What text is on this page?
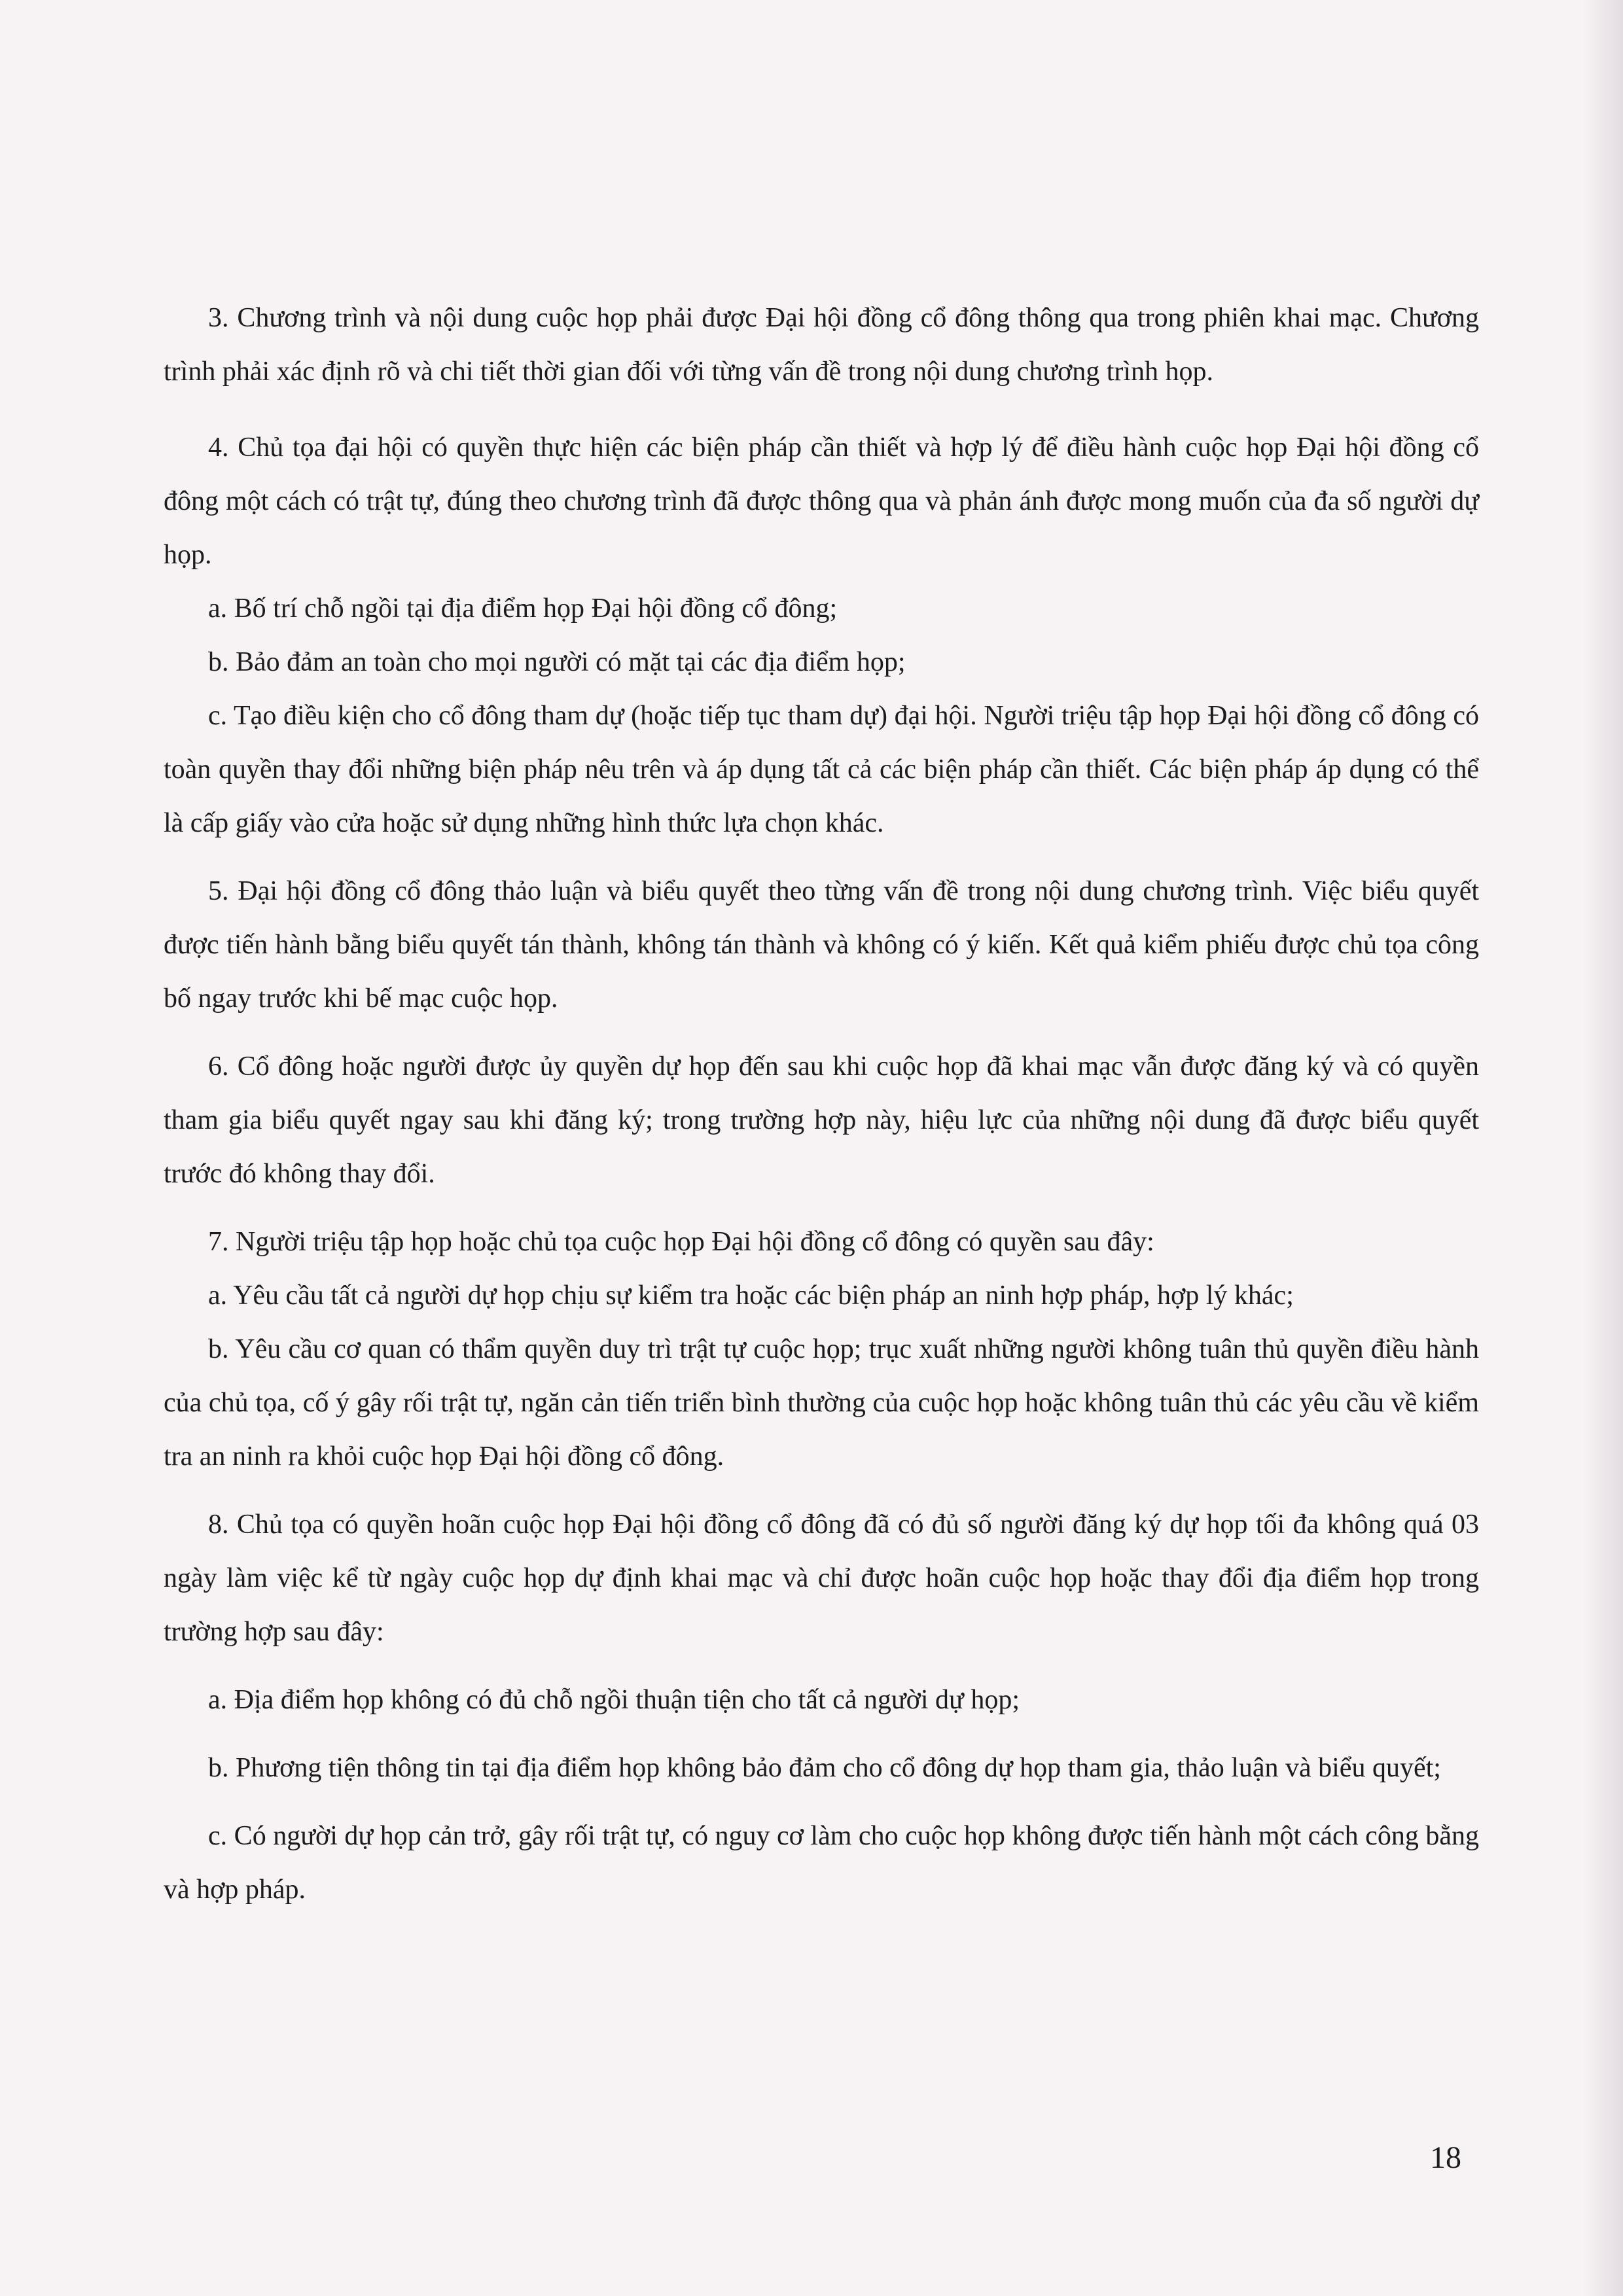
3. Chương trình và nội dung cuộc họp phải được Đại hội đồng cổ đông thông qua trong phiên khai mạc. Chương trình phải xác định rõ và chi tiết thời gian đối với từng vấn đề trong nội dung chương trình họp.

4. Chủ tọa đại hội có quyền thực hiện các biện pháp cần thiết và hợp lý để điều hành cuộc họp Đại hội đồng cổ đông một cách có trật tự, đúng theo chương trình đã được thông qua và phản ánh được mong muốn của đa số người dự họp.

a. Bố trí chỗ ngồi tại địa điểm họp Đại hội đồng cổ đông;

b. Bảo đảm an toàn cho mọi người có mặt tại các địa điểm họp;

c. Tạo điều kiện cho cổ đông tham dự (hoặc tiếp tục tham dự) đại hội. Người triệu tập họp Đại hội đồng cổ đông có toàn quyền thay đổi những biện pháp nêu trên và áp dụng tất cả các biện pháp cần thiết. Các biện pháp áp dụng có thể là cấp giấy vào cửa hoặc sử dụng những hình thức lựa chọn khác.

5. Đại hội đồng cổ đông thảo luận và biểu quyết theo từng vấn đề trong nội dung chương trình. Việc biểu quyết được tiến hành bằng biểu quyết tán thành, không tán thành và không có ý kiến. Kết quả kiểm phiếu được chủ tọa công bố ngay trước khi bế mạc cuộc họp.

6. Cổ đông hoặc người được ủy quyền dự họp đến sau khi cuộc họp đã khai mạc vẫn được đăng ký và có quyền tham gia biểu quyết ngay sau khi đăng ký; trong trường hợp này, hiệu lực của những nội dung đã được biểu quyết trước đó không thay đổi.

7. Người triệu tập họp hoặc chủ tọa cuộc họp Đại hội đồng cổ đông có quyền sau đây:

a. Yêu cầu tất cả người dự họp chịu sự kiểm tra hoặc các biện pháp an ninh hợp pháp, hợp lý khác;

b. Yêu cầu cơ quan có thẩm quyền duy trì trật tự cuộc họp; trục xuất những người không tuân thủ quyền điều hành của chủ tọa, cố ý gây rối trật tự, ngăn cản tiến triển bình thường của cuộc họp hoặc không tuân thủ các yêu cầu về kiểm tra an ninh ra khỏi cuộc họp Đại hội đồng cổ đông.

8. Chủ tọa có quyền hoãn cuộc họp Đại hội đồng cổ đông đã có đủ số người đăng ký dự họp tối đa không quá 03 ngày làm việc kể từ ngày cuộc họp dự định khai mạc và chỉ được hoãn cuộc họp hoặc thay đổi địa điểm họp trong trường hợp sau đây:

a. Địa điểm họp không có đủ chỗ ngồi thuận tiện cho tất cả người dự họp;

b. Phương tiện thông tin tại địa điểm họp không bảo đảm cho cổ đông dự họp tham gia, thảo luận và biểu quyết;

c. Có người dự họp cản trở, gây rối trật tự, có nguy cơ làm cho cuộc họp không được tiến hành một cách công bằng và hợp pháp.

18
